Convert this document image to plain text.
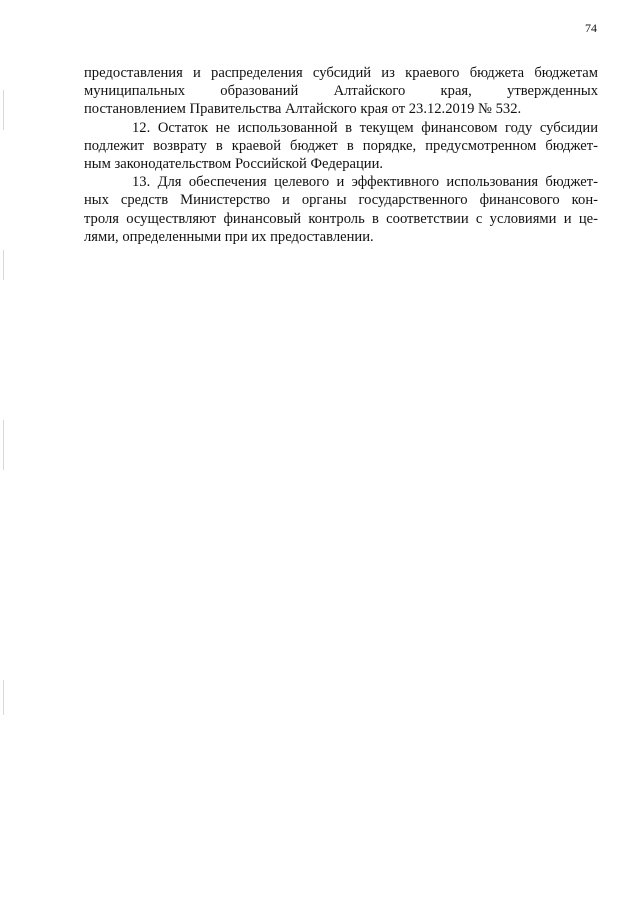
74
предоставления и распределения субсидий из краевого бюджета бюджетам
муниципальных образований Алтайского края, утвержденных
постановлением Правительства Алтайского края от 23.12.2019 № 532.
12. Остаток не использованной в текущем финансовом году субсидии
подлежит возврату в краевой бюджет в порядке, предусмотренном бюджет-
ным законодательством Российской Федерации.
13. Для обеспечения целевого и эффективного использования бюджет-
ных средств Министерство и органы государственного финансового кон-
троля осуществляют финансовый контроль в соответствии с условиями и це-
лями, определенными при их предоставлении.
